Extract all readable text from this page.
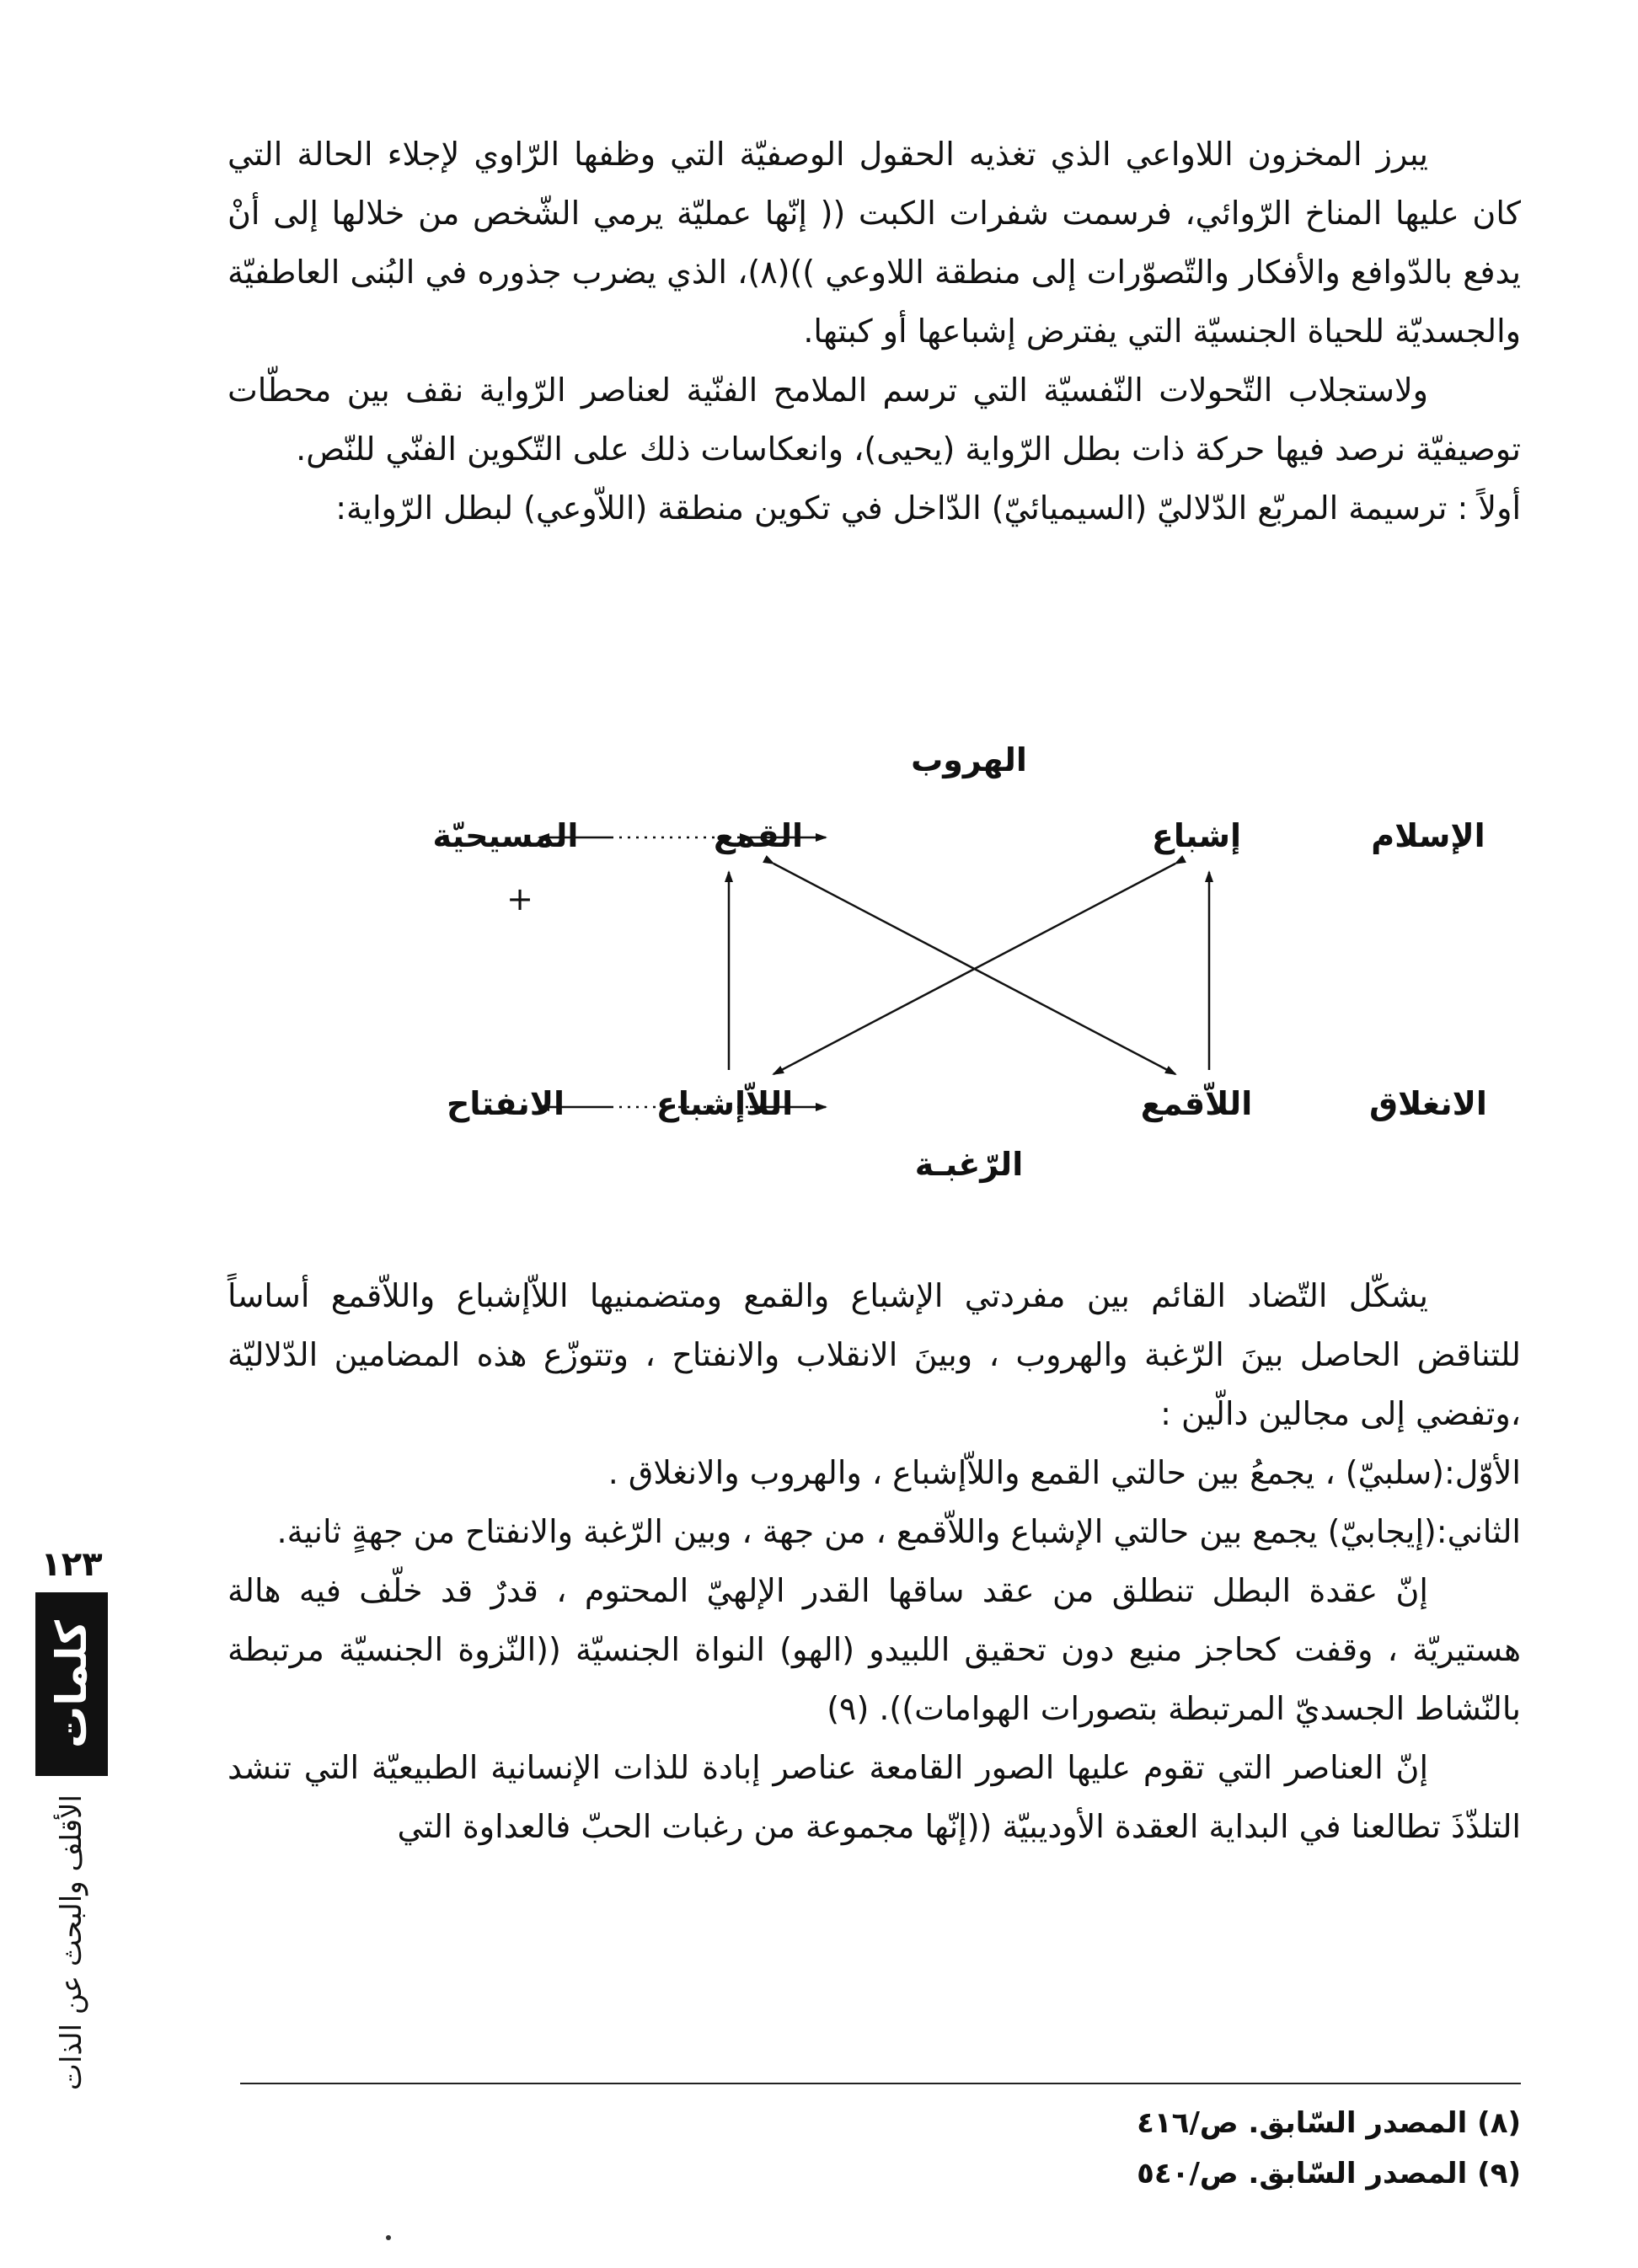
يبرز المخزون اللاواعي الذي تغذيه الحقول الوصفيّة التي وظفها الرّاوي لإجلاء الحالة التي كان عليها المناخ الرّوائي، فرسمت شفرات الكبت (( إنّها عمليّة يرمي الشّخص من خلالها إلى أنْ يدفع بالدّوافع والأفكار والتّصوّرات إلى منطقة اللاوعي ))(٨)، الذي يضرب جذوره في البُنى العاطفيّة والجسديّة للحياة الجنسيّة التي يفترض إشباعها أو كبتها.

ولاستجلاب التّحولات النّفسيّة التي ترسم الملامح الفنّية لعناصر الرّواية نقف بين محطّات توصيفيّة نرصد فيها حركة ذات بطل الرّواية (يحيى)، وانعكاسات ذلك على التّكوين الفنّي للنّص.

أولاً : ترسيمة المربّع الدّلاليّ (السيميائيّ) الدّاخل في تكوين منطقة (اللاّوعي) لبطل الرّواية:

الهروب
إشباع
القمع	الإسلام
المسيحيّة
+
اللاّقمع
اللاّإشباع	الانغلاق
الانفتاح
الرّغبـة

يشكّل التّضاد القائم بين مفردتي الإشباع والقمع ومتضمنيها اللاّإشباع واللاّقمع أساساً للتناقض الحاصل بينَ الرّغبة والهروب ، وبينَ الانقلاب والانفتاح ، وتتوزّع هذه المضامين الدّلاليّة ،وتفضي إلى مجالين دالّين :

الأوّل:(سلبيّ) ، يجمعُ بين حالتي القمع واللاّإشباع ، والهروب والانغلاق .

الثاني:(إيجابيّ) يجمع بين حالتي الإشباع واللاّقمع ، من جهة ، وبين الرّغبة والانفتاح من جهةٍ ثانية.

إنّ عقدة البطل تنطلق من عقد ساقها القدر الإلهيّ المحتوم ، قدرٌ قد خلّف فيه هالة هستيريّة ، وقفت كحاجز منيع دون تحقيق اللبيدو (الهو) النواة الجنسيّة ((النّزوة الجنسيّة مرتبطة بالنّشاط الجسديّ المرتبطة بتصورات الهوامات)). (٩)

إنّ العناصر التي تقوم عليها الصور القامعة عناصر إبادة للذات الإنسانية الطبيعيّة التي تنشد التلذّذَ تطالعنا في البداية العقدة الأوديبيّة ((إنّها مجموعة من رغبات الحبّ فالعداوة التي

(٨) المصدر السّابق. ص/٤١٦

(٩) المصدر السّابق. ص/٥٤٠

١٢٣
كلمات
الأقلف والبحث عن الذات
